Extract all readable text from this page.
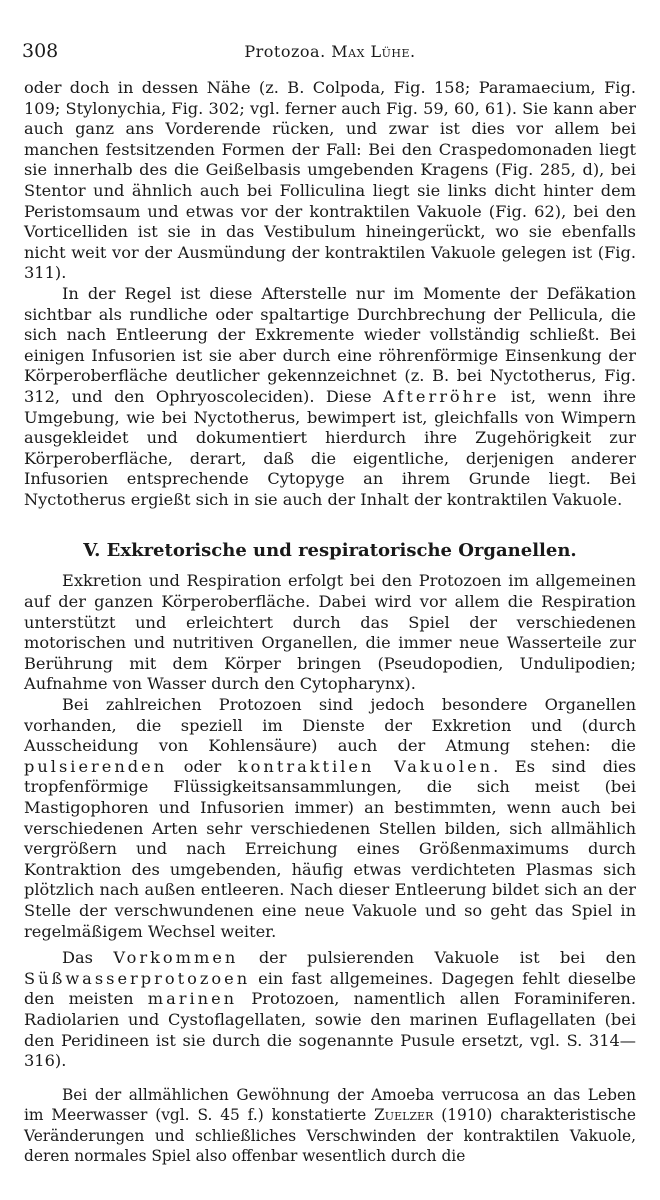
308	Protozoa. Max Lühe.

oder doch in dessen Nähe (z. B. Colpoda, Fig. 158; Paramaecium, Fig. 109; Stylonychia, Fig. 302; vgl. ferner auch Fig. 59, 60, 61). Sie kann aber auch ganz ans Vorderende rücken, und zwar ist dies vor allem bei manchen festsitzenden Formen der Fall: Bei den Craspedomonaden liegt sie innerhalb des die Geißelbasis umgebenden Kragens (Fig. 285, d), bei Stentor und ähnlich auch bei Folliculina liegt sie links dicht hinter dem Peristomsaum und etwas vor der kontraktilen Vakuole (Fig. 62), bei den Vorticelliden ist sie in das Vestibulum hineingerückt, wo sie ebenfalls nicht weit vor der Ausmündung der kontraktilen Vakuole gelegen ist (Fig. 311).

In der Regel ist diese Afterstelle nur im Momente der Defäkation sichtbar als rundliche oder spaltartige Durchbrechung der Pellicula, die sich nach Entleerung der Exkremente wieder vollständig schließt. Bei einigen Infusorien ist sie aber durch eine röhrenförmige Einsenkung der Körperoberfläche deutlicher gekennzeichnet (z. B. bei Nyctotherus, Fig. 312, und den Ophryoscoleciden). Diese Afterröhre ist, wenn ihre Umgebung, wie bei Nyctotherus, bewimpert ist, gleichfalls von Wimpern ausgekleidet und dokumentiert hierdurch ihre Zugehörigkeit zur Körperoberfläche, derart, daß die eigentliche, derjenigen anderer Infusorien entsprechende Cytopyge an ihrem Grunde liegt. Bei Nyctotherus ergießt sich in sie auch der Inhalt der kontraktilen Vakuole.

V. Exkretorische und respiratorische Organellen.

Exkretion und Respiration erfolgt bei den Protozoen im allgemeinen auf der ganzen Körperoberfläche. Dabei wird vor allem die Respiration unterstützt und erleichtert durch das Spiel der verschiedenen motorischen und nutritiven Organellen, die immer neue Wasserteile zur Berührung mit dem Körper bringen (Pseudopodien, Undulipodien; Aufnahme von Wasser durch den Cytopharynx).

Bei zahlreichen Protozoen sind jedoch besondere Organellen vorhanden, die speziell im Dienste der Exkretion und (durch Ausscheidung von Kohlensäure) auch der Atmung stehen: die pulsierenden oder kontraktilen Vakuolen. Es sind dies tropfenförmige Flüssigkeitsansammlungen, die sich meist (bei Mastigophoren und Infusorien immer) an bestimmten, wenn auch bei verschiedenen Arten sehr verschiedenen Stellen bilden, sich allmählich vergrößern und nach Erreichung eines Größenmaximums durch Kontraktion des umgebenden, häufig etwas verdichteten Plasmas sich plötzlich nach außen entleeren. Nach dieser Entleerung bildet sich an der Stelle der verschwundenen eine neue Vakuole und so geht das Spiel in regelmäßigem Wechsel weiter.

Das Vorkommen der pulsierenden Vakuole ist bei den Süßwasserprotozoen ein fast allgemeines. Dagegen fehlt dieselbe den meisten marinen Protozoen, namentlich allen Foraminiferen. Radiolarien und Cystoflagellaten, sowie den marinen Euflagellaten (bei den Peridineen ist sie durch die sogenannte Pusule ersetzt, vgl. S. 314—316).

Bei der allmählichen Gewöhnung der Amoeba verrucosa an das Leben im Meerwasser (vgl. S. 45 f.) konstatierte Zuelzer (1910) charakteristische Veränderungen und schließliches Verschwinden der kontraktilen Vakuole, deren normales Spiel also offenbar wesentlich durch die
